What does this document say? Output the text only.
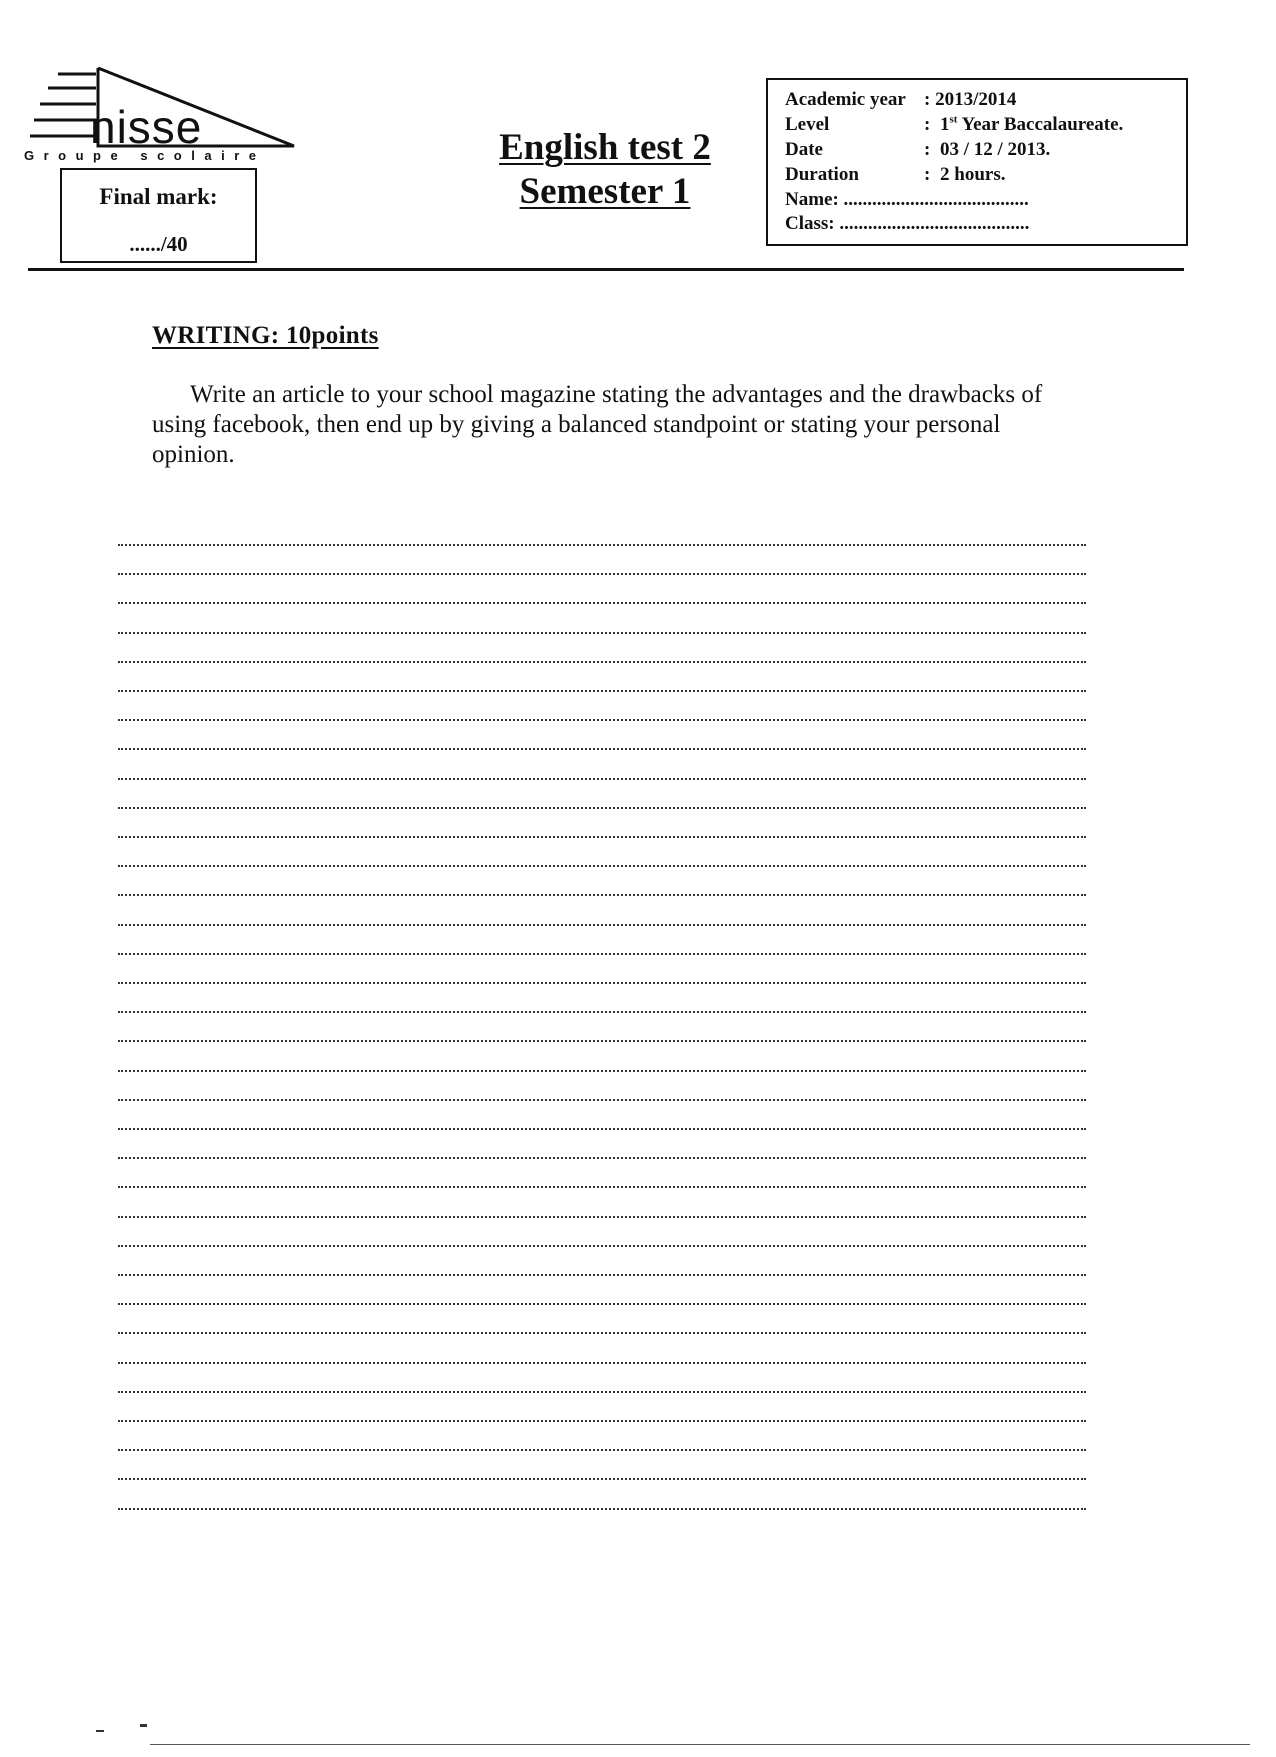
nisse
Groupe scolaire
Final mark:
....../40
English test 2
Semester 1
Academic year : 2013/2014
Level	: 1st Year Baccalaureate.
Date	: 03 / 12 / 2013.
Duration	: 2 hours.
Name: .......................................
Class: ........................................
WRITING: 10points
Write an article to your school magazine stating the advantages and the drawbacks of using facebook, then end up by giving a balanced standpoint or stating your personal opinion.
